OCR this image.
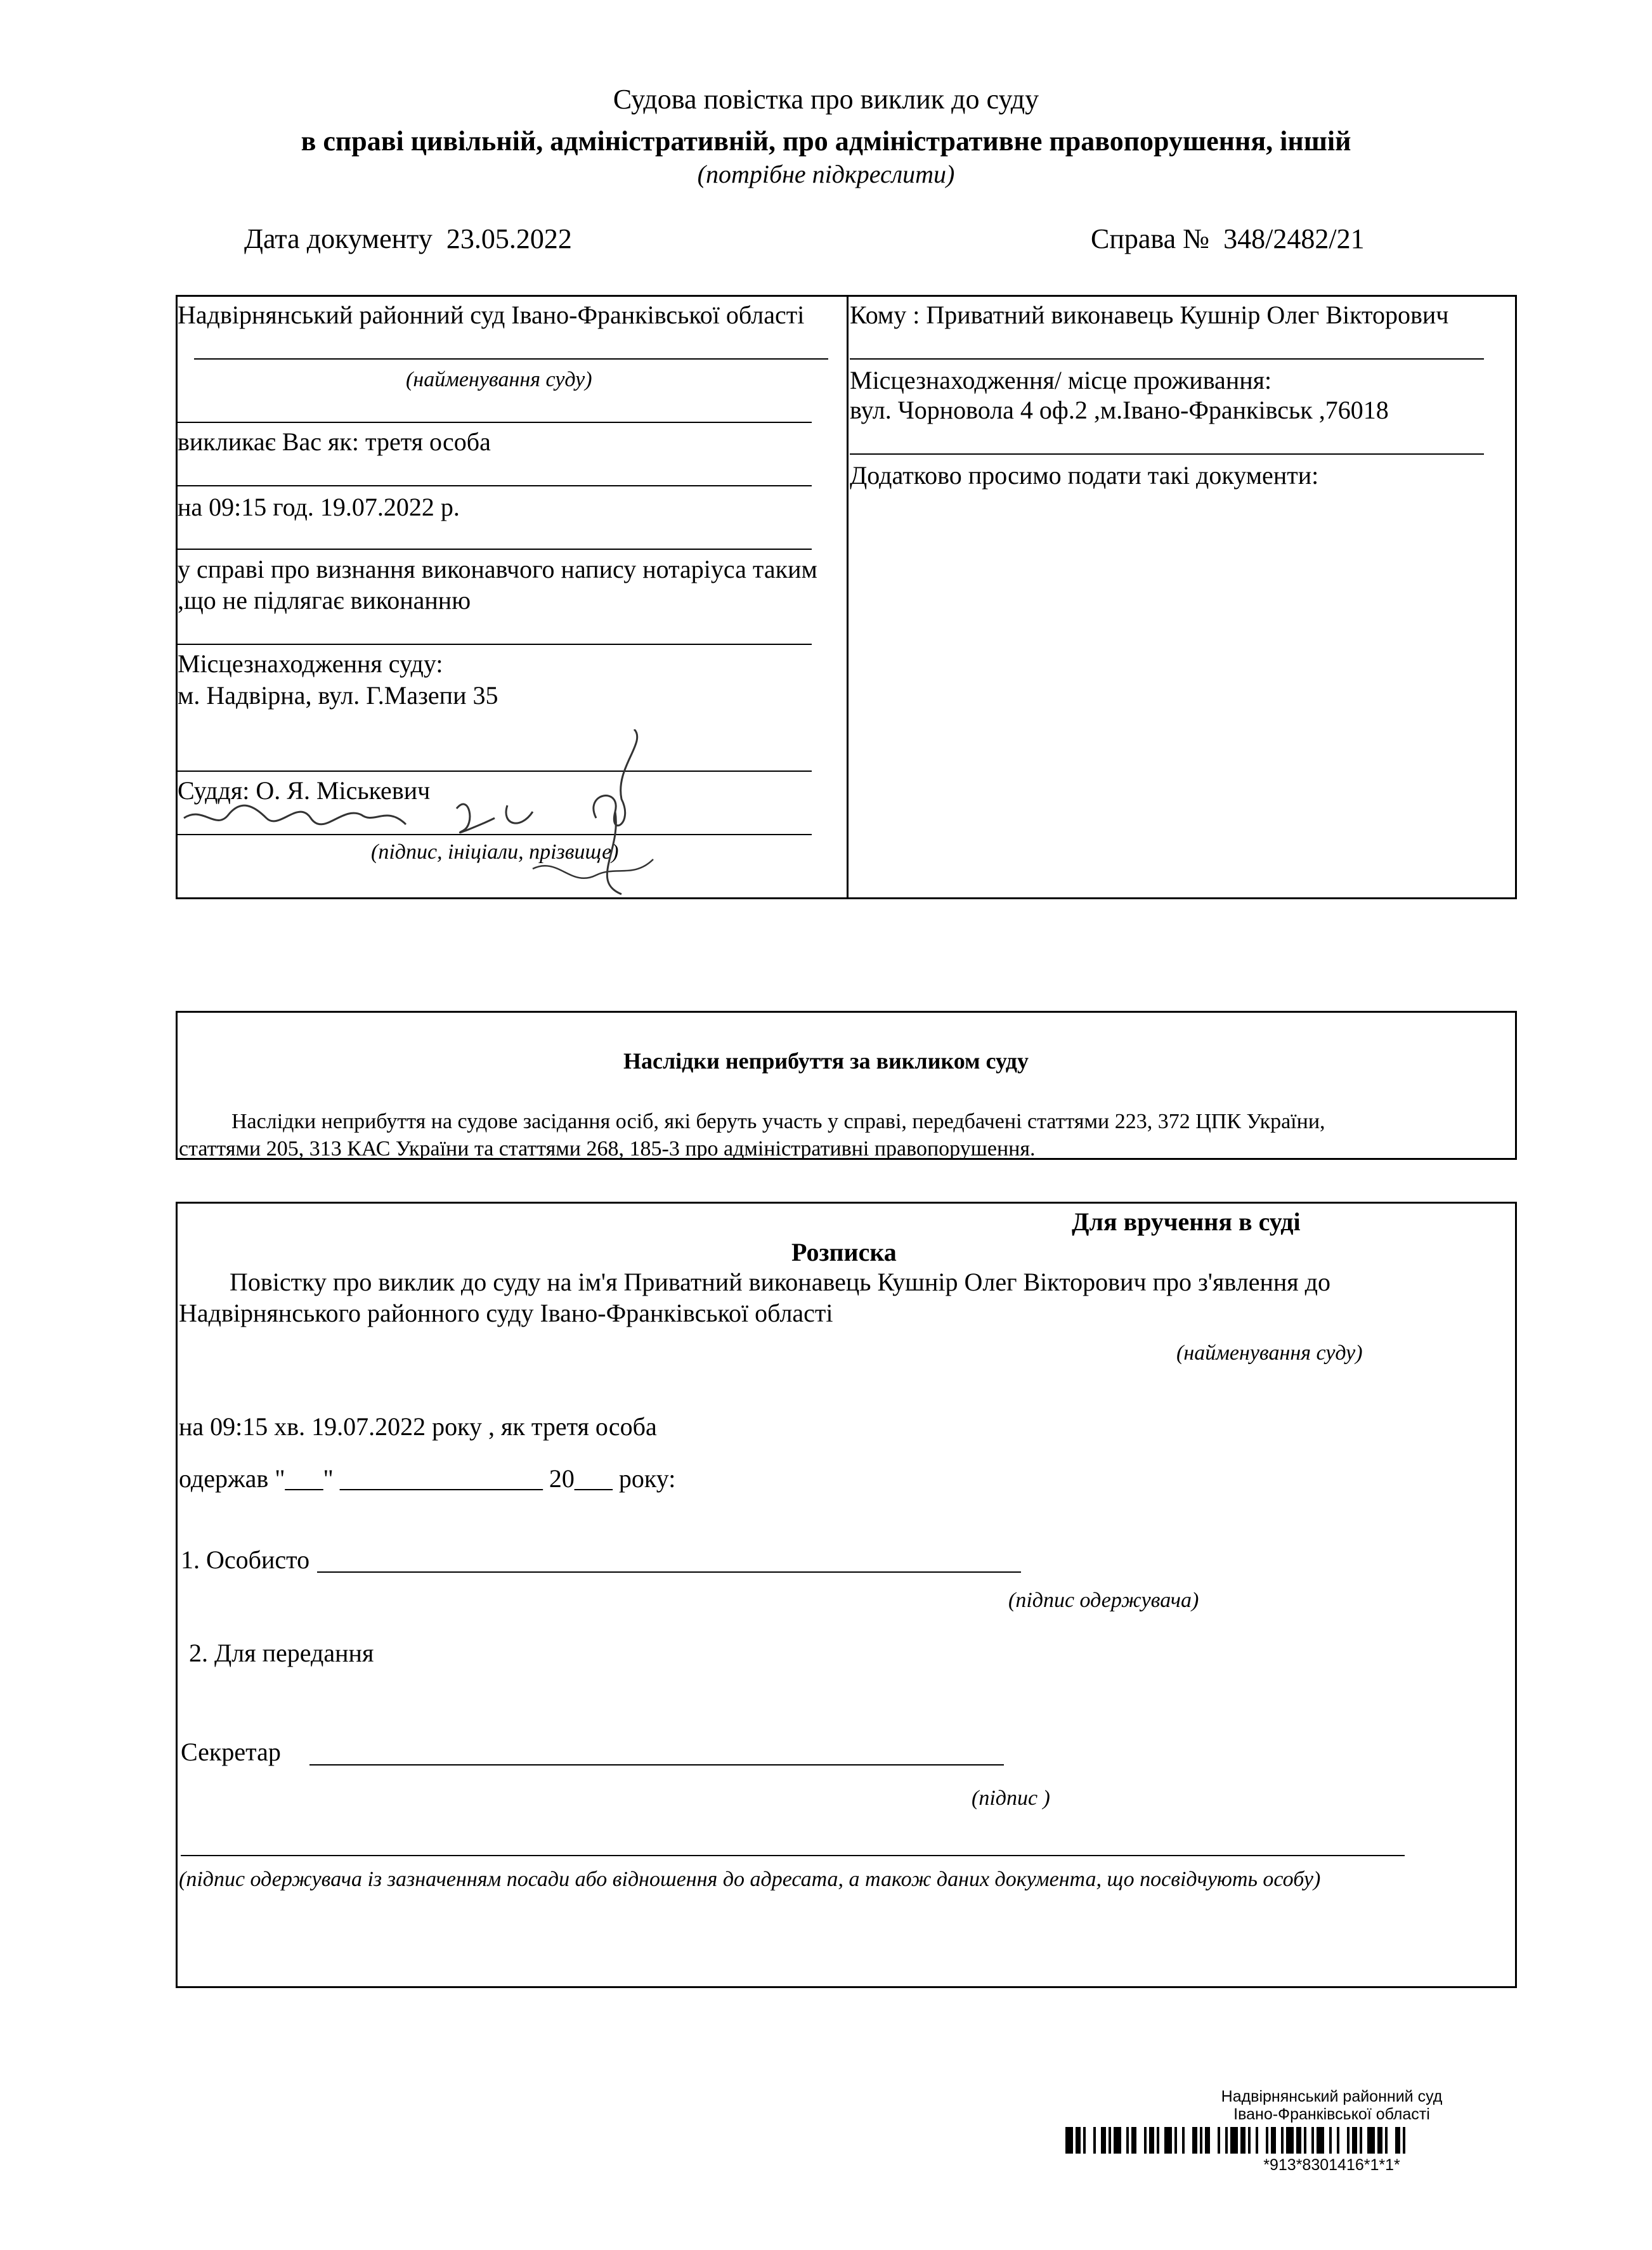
Судова повістка про виклик до суду
в справі цивільній, адміністративній, про адміністративне правопорушення, іншій
(потрібне підкреслити)
Дата документу 23.05.2022	Справа № 348/2482/21
Надвірнянський районний суд Івано-Франківської області
(найменування суду)
викликає Вас як: третя особа
на 09:15 год. 19.07.2022 р.
у справі про визнання виконавчого напису нотаріуса таким
,що не підлягає виконанню
Місцезнаходження суду:
м. Надвірна, вул. Г.Мазепи 35
Суддя: О. Я. Міськевич
(підпис, ініціали, прізвище)
Кому : Приватний виконавець Кушнір Олег Вікторович
Місцезнаходження/ місце проживання:
вул. Чорновола 4 оф.2 ,м.Івано-Франківськ ,76018
Додатково просимо подати такі документи:
Наслідки неприбуття за викликом суду
Наслідки неприбуття на судове засідання осіб, які беруть участь у справі, передбачені статтями 223, 372 ЦПК України,
статтями 205, 313 КАС України та статтями 268, 185-3 про адміністративні правопорушення.
Для вручення в суді
Розписка
Повістку про виклик до суду на ім'я Приватний виконавець Кушнір Олег Вікторович про з'явлення до
Надвірнянського районного суду Івано-Франківської області
(найменування суду)
на 09:15 хв. 19.07.2022 року , як третя особа
одержав "___" ________________ 20___ року:
1. Особисто
(підпис одержувача)
2. Для передання
Секретар
(підпис )
(підпис одержувача із зазначенням посади або відношення до адресата, а також даних документа, що посвідчують особу)
Надвірнянський районний суд
Івано-Франківської області
*913*8301416*1*1*
